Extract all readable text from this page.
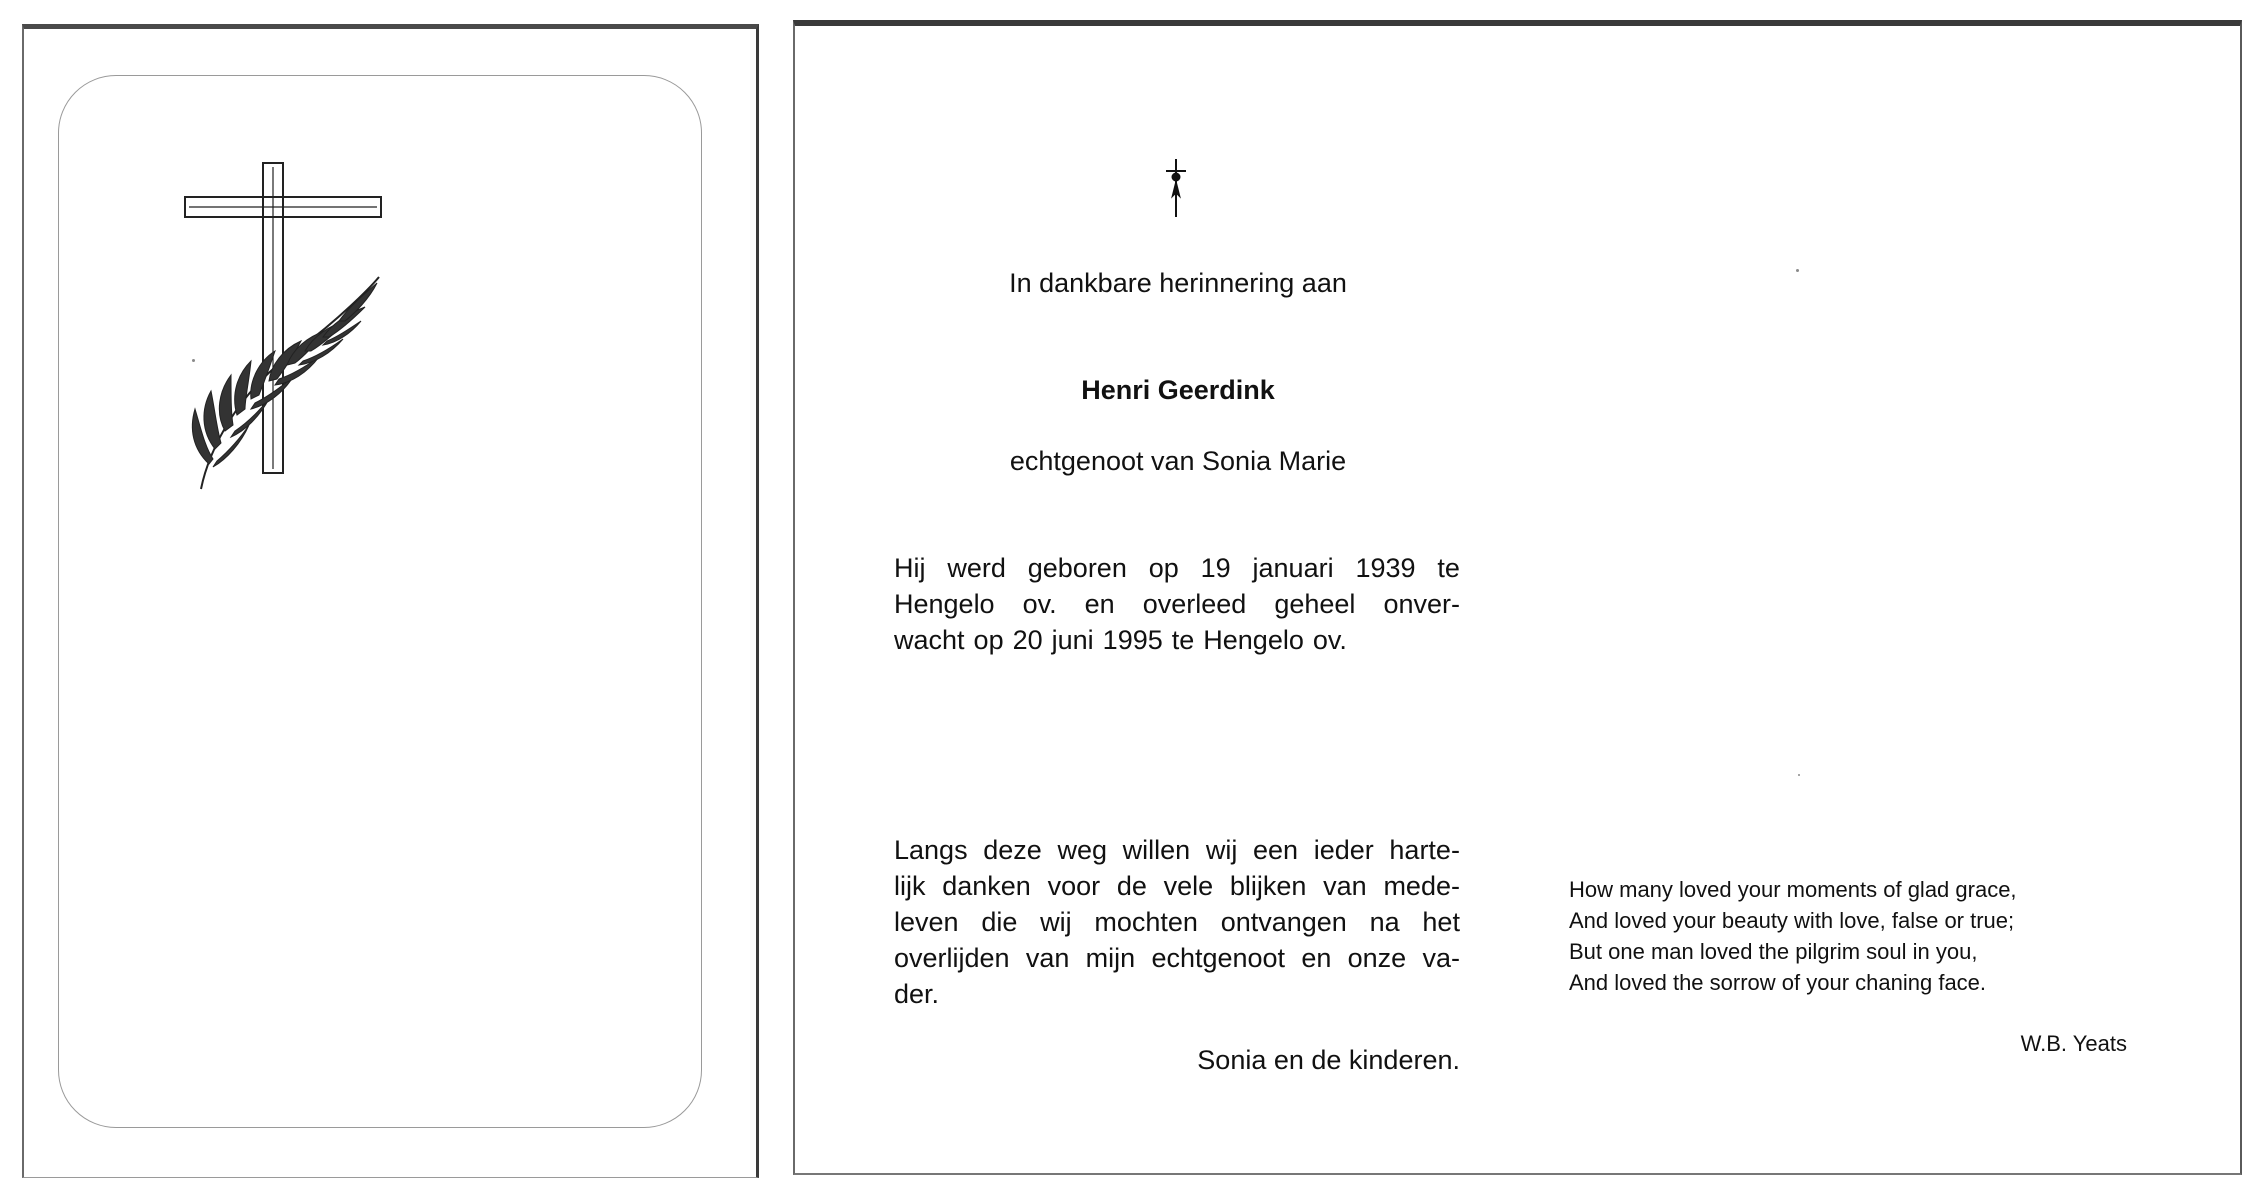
In dankbare herinnering aan

Henri Geerdink

echtgenoot van Sonia Marie

Hij werd geboren op 19 januari 1939 te
Hengelo ov. en overleed geheel onver-
wacht op 20 juni 1995 te Hengelo ov.
Langs deze weg willen wij een ieder harte-
lijk danken voor de vele blijken van mede-
leven die wij mochten ontvangen na het
overlijden van mijn echtgenoot en onze va-
der.

Sonia en de kinderen.

How many loved your moments of glad grace,
And loved your beauty with love, false or true;
But one man loved the pilgrim soul in you,
And loved the sorrow of your chaning face.

W.B. Yeats
